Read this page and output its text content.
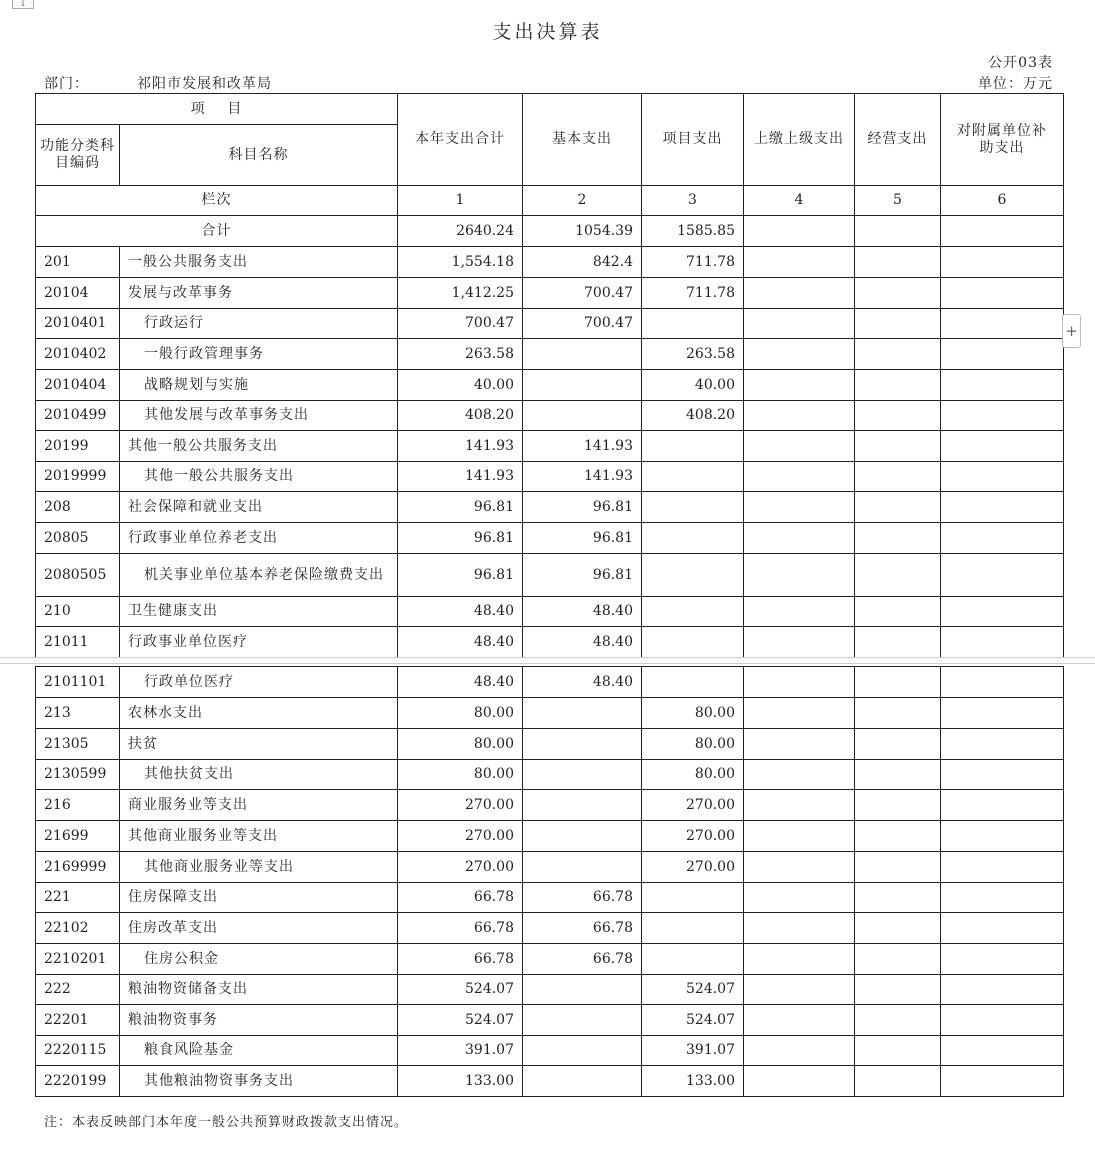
↓
支出决算表
公开03表
部门：	祁阳市发展和改革局	单位：万元
项    目		本年支出合计	基本支出	项目支出	上缴上级支出	经营支出	对附属单位补助支出
功能分类科目编码	科目名称						
栏次		1	2	3	4	5	6
合计		2640.24	1054.39	1585.85			
201	一般公共服务支出	1,554.18	842.4	711.78			
20104	发展与改革事务	1,412.25	700.47	711.78			
2010401	行政运行	700.47	700.47				
2010402	一般行政管理事务	263.58		263.58			
2010404	战略规划与实施	40.00		40.00			
2010499	其他发展与改革事务支出	408.20		408.20			
20199	其他一般公共服务支出	141.93	141.93				
2019999	其他一般公共服务支出	141.93	141.93				
208	社会保障和就业支出	96.81	96.81				
20805	行政事业单位养老支出	96.81	96.81				
2080505	机关事业单位基本养老保险缴费支出	96.81	96.81				
210	卫生健康支出	48.40	48.40				
21011	行政事业单位医疗	48.40	48.40				
2101101	行政单位医疗	48.40	48.40				
213	农林水支出	80.00		80.00			
21305	扶贫	80.00		80.00			
2130599	其他扶贫支出	80.00		80.00			
216	商业服务业等支出	270.00		270.00			
21699	其他商业服务业等支出	270.00		270.00			
2169999	其他商业服务业等支出	270.00		270.00			
221	住房保障支出	66.78	66.78				
22102	住房改革支出	66.78	66.78				
2210201	住房公积金	66.78	66.78				
222	粮油物资储备支出	524.07		524.07			
22201	粮油物资事务	524.07		524.07			
2220115	粮食风险基金	391.07		391.07			
2220199	其他粮油物资事务支出	133.00		133.00			
+
注：本表反映部门本年度一般公共预算财政拨款支出情况。
